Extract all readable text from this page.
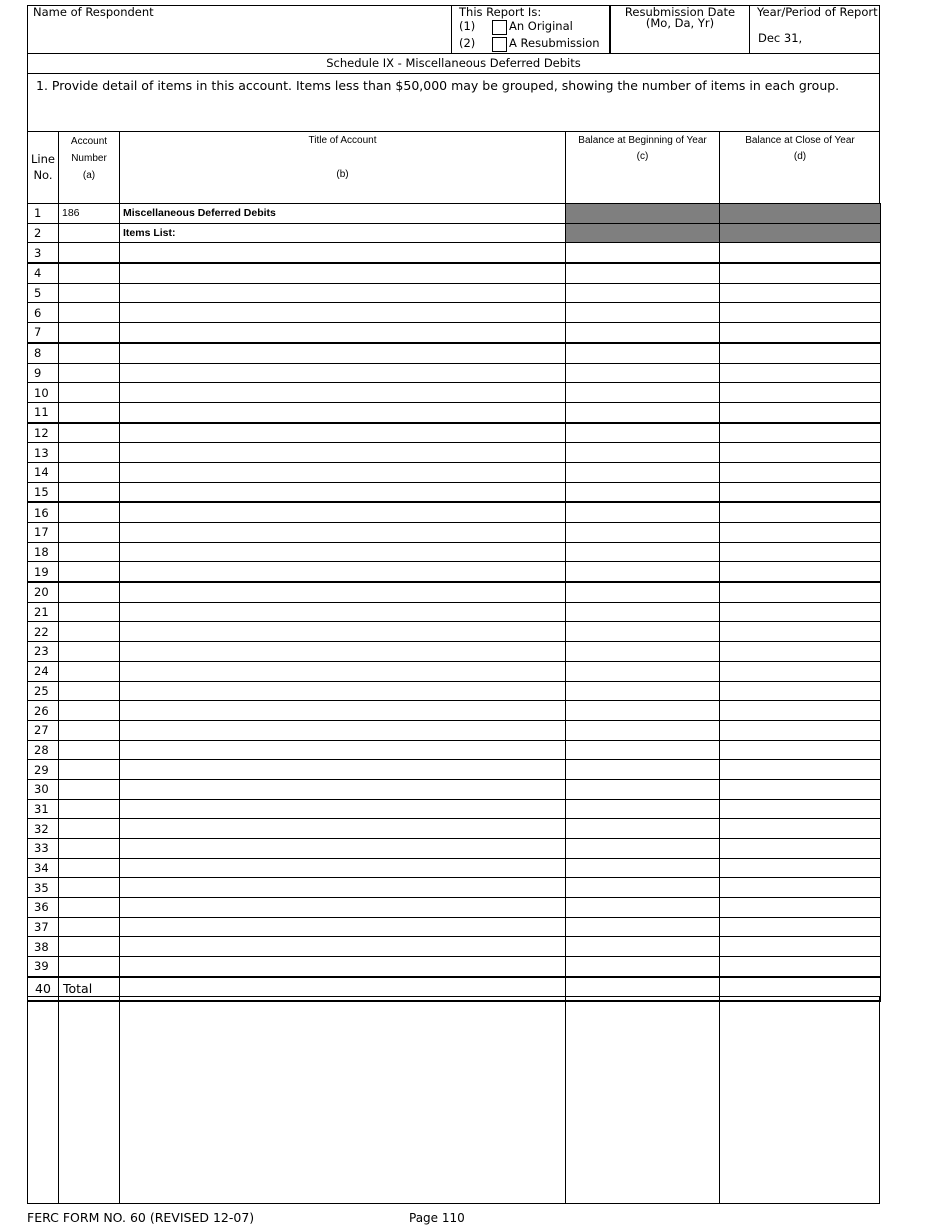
Name of Respondent	This Report Is:
(1)	An Original
(2)	A Resubmission
Resubmission Date
(Mo, Da, Yr)
Year/Period of Report
Dec 31,
Schedule IX - Miscellaneous Deferred Debits
1. Provide detail of items in this account. Items less than $50,000 may be grouped, showing the number of items in each group.
Line
No.
Account
Number
(a)
Title of Account
(b)
Balance at Beginning of Year
(c)
Balance at Close of Year
(d)
1	186	Miscellaneous Deferred Debits		
2		Items List:		
3				
4				
5				
6				
7				
8				
9				
10				
11				
12				
13				
14				
15				
16				
17				
18				
19				
20				
21				
22				
23				
24				
25				
26				
27				
28				
29				
30				
31				
32				
33				
34				
35				
36				
37				
38				
39				
40	Total			
FERC FORM NO. 60 (REVISED 12-07)	Page 110
